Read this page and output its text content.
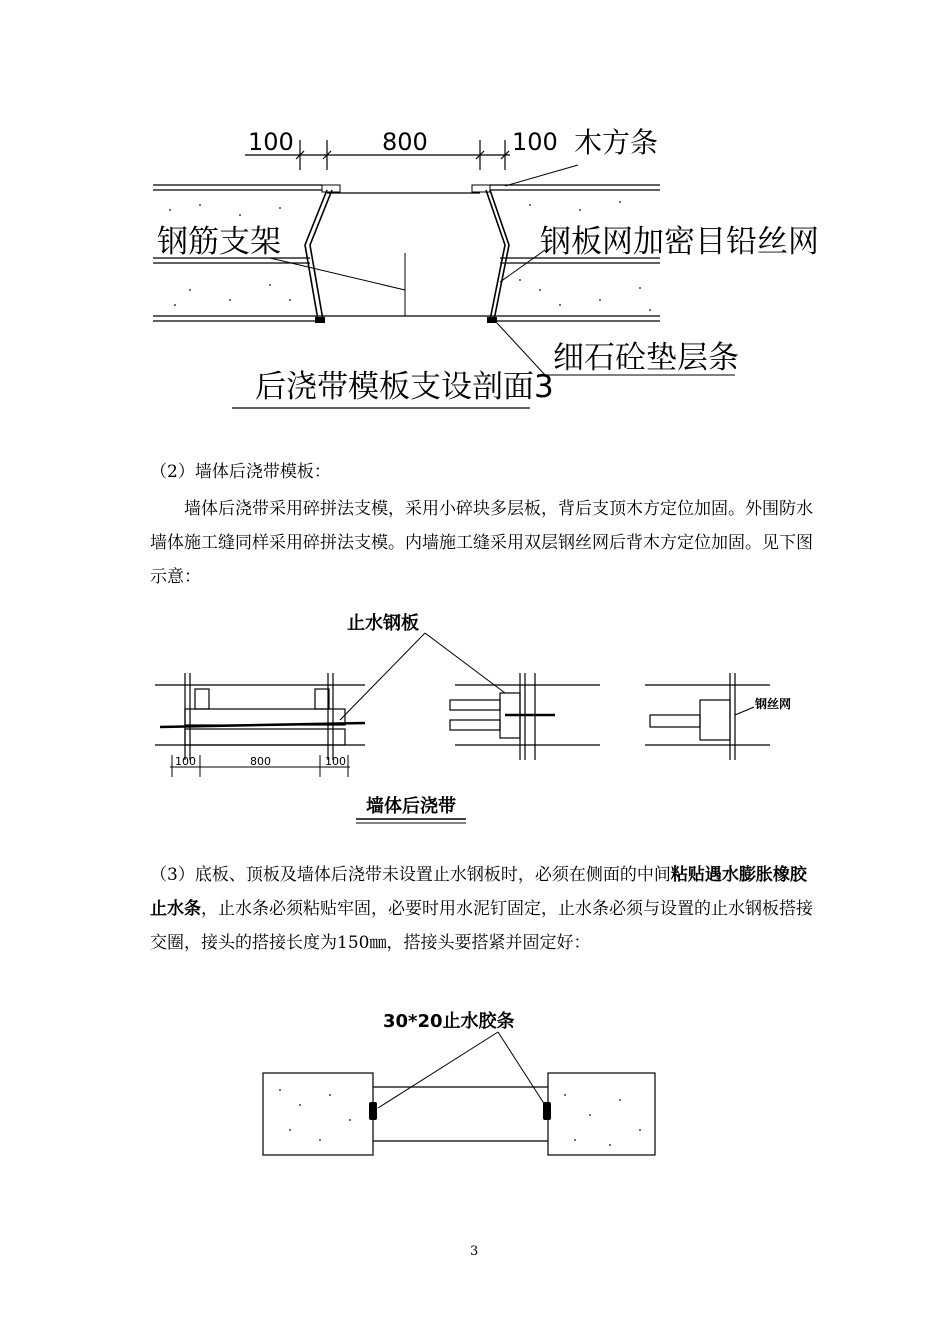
100	800	100 木方条
钢筋支架	钢板网加密目铅丝网
细石砼垫层条
后浇带模板支设剖面3
（2）墙体后浇带模板：
墙体后浇带采用碎拼法支模，采用小碎块多层板，背后支顶木方定位加固。外围防水墙体施工缝同样采用碎拼法支模。内墙施工缝采用双层钢丝网后背木方定位加固。见下图示意：
止水钢板
钢丝网
100	800	100
墙体后浇带
（3）底板、顶板及墙体后浇带未设置止水钢板时，必须在侧面的中间粘贴遇水膨胀橡胶止水条，止水条必须粘贴牢固，必要时用水泥钉固定，止水条必须与设置的止水钢板搭接交圈，接头的搭接长度为150㎜，搭接头要搭紧并固定好：
30*20止水胶条
3
